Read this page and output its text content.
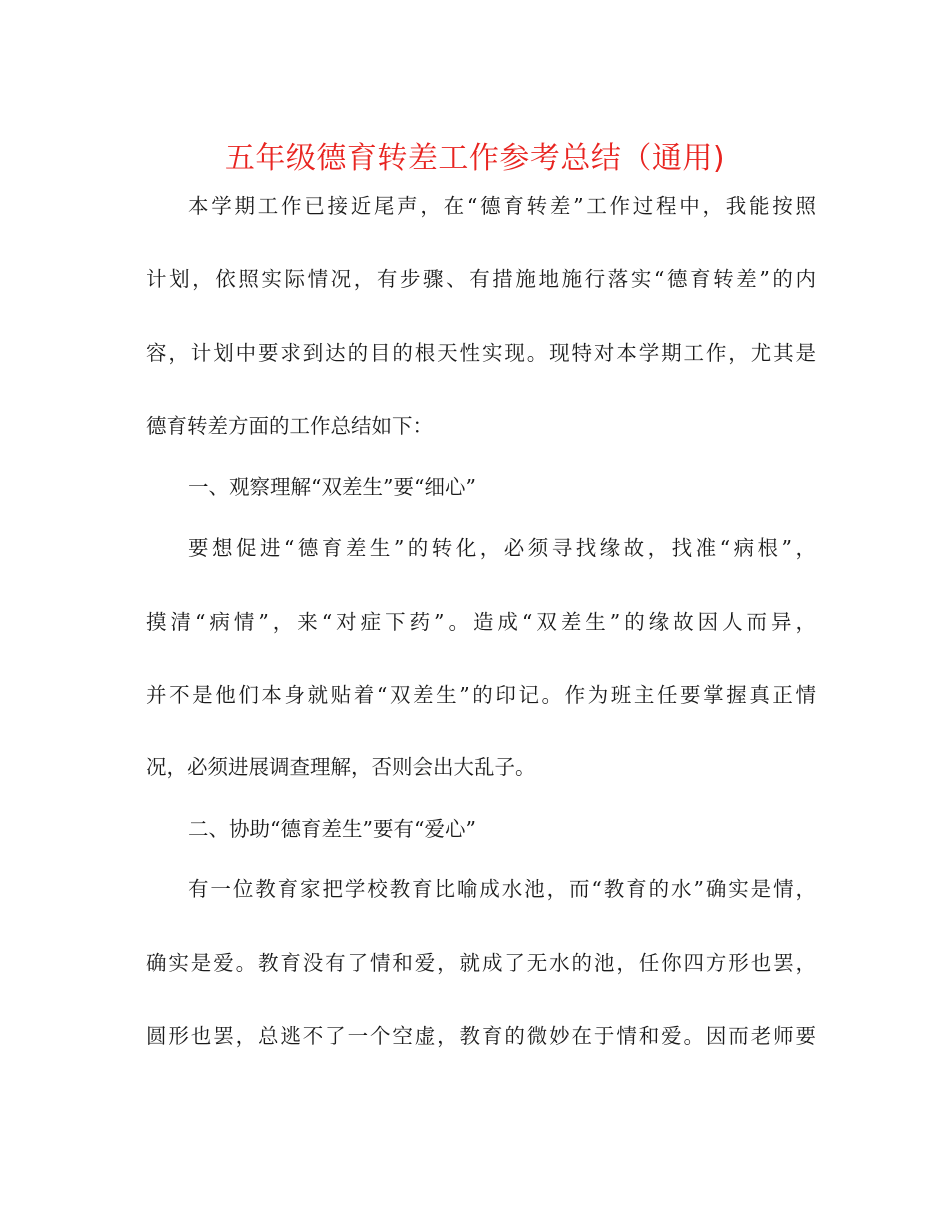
五年级德育转差工作参考总结（通用)
本学期工作已接近尾声，在“德育转差”工作过程中，我能按照
计划，依照实际情况，有步骤、有措施地施行落实“德育转差”的内
容，计划中要求到达的目的根天性实现。现特对本学期工作，尤其是
德育转差方面的工作总结如下：
一、观察理解“双差生”要“细心”
要想促进“德育差生”的转化，必须寻找缘故，找准“病根”，
摸清“病情”，来“对症下药”。造成“双差生”的缘故因人而异，
并不是他们本身就贴着“双差生”的印记。作为班主任要掌握真正情
况，必须进展调查理解，否则会出大乱子。
二、协助“德育差生”要有“爱心”
有一位教育家把学校教育比喻成水池，而“教育的水”确实是情，
确实是爱。教育没有了情和爱，就成了无水的池，任你四方形也罢，
圆形也罢，总逃不了一个空虚，教育的微妙在于情和爱。因而老师要
